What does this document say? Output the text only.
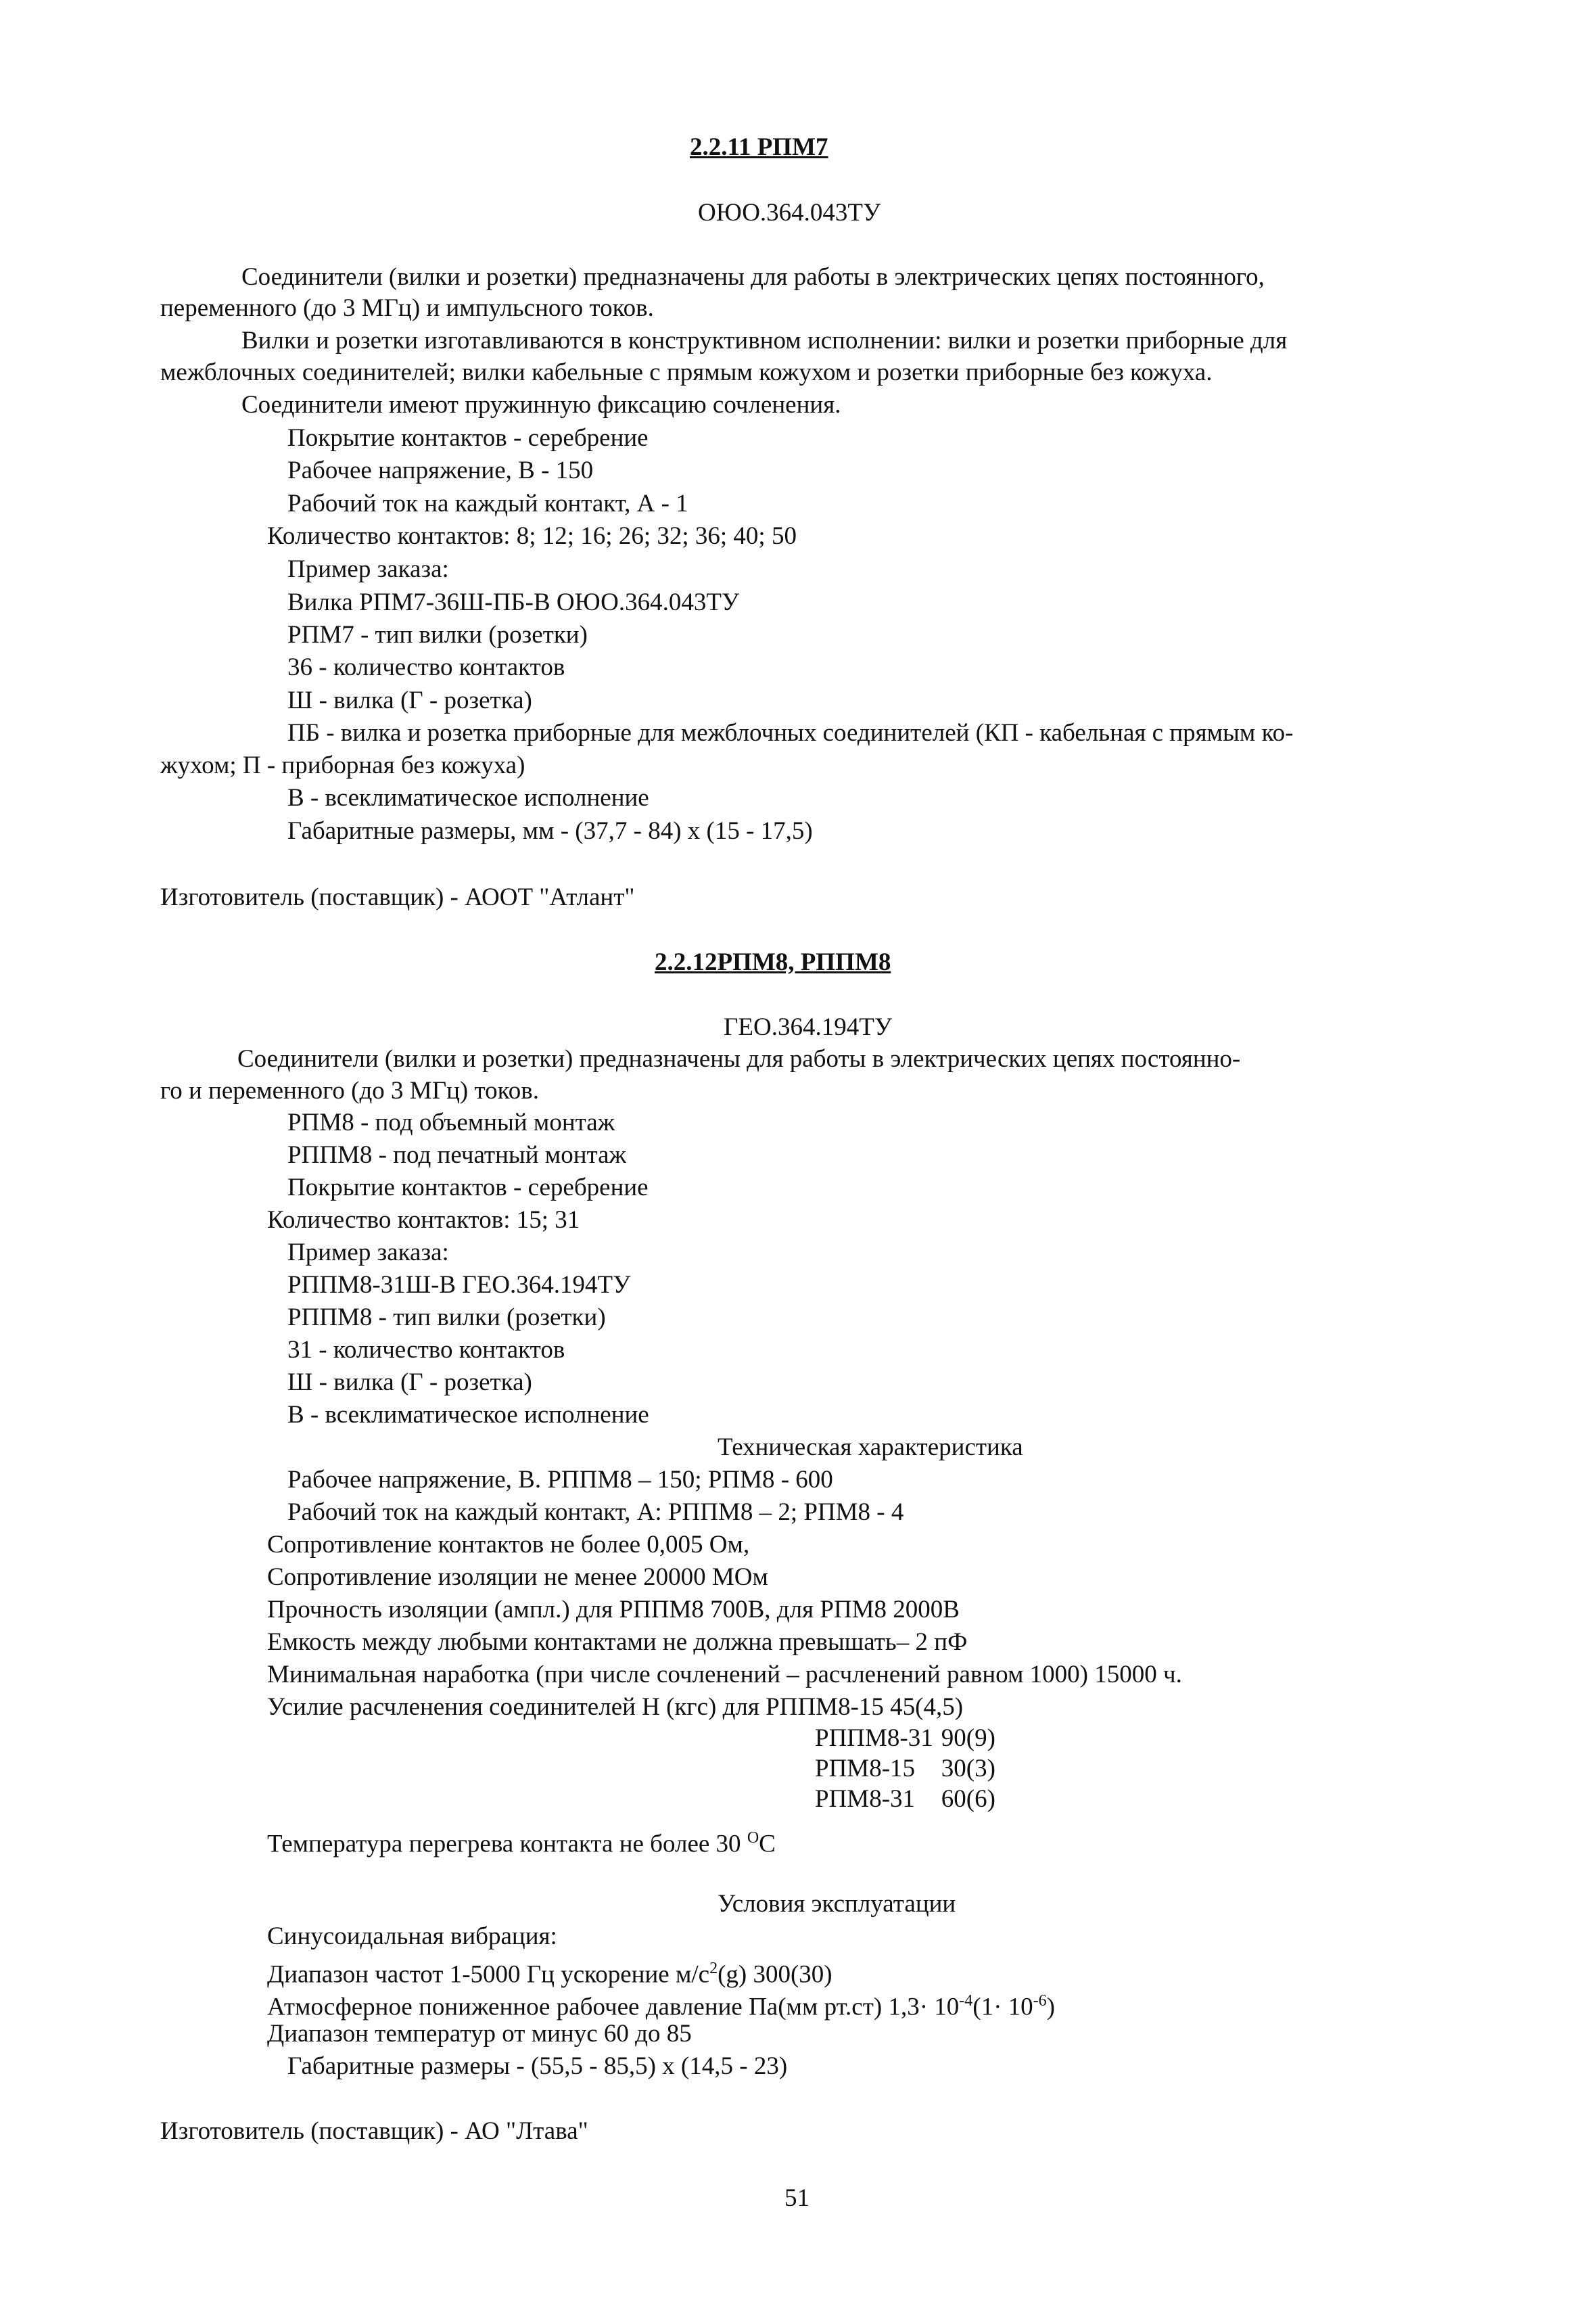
2.2.11 РПМ7
ОЮО.364.043ТУ
Соединители (вилки и розетки) предназначены для работы в электрических цепях постоянного,
переменного (до 3 МГц) и импульсного токов.
Вилки и розетки изготавливаются в конструктивном исполнении: вилки и розетки приборные для
межблочных соединителей; вилки кабельные с прямым кожухом и розетки приборные без кожуха.
Соединители имеют пружинную фиксацию сочленения.
Покрытие контактов - серебрение
Рабочее напряжение, В - 150
Рабочий ток на каждый контакт, А - 1
Количество контактов: 8; 12; 16; 26; 32; 36; 40; 50
Пример заказа:
Вилка РПМ7-36Ш-ПБ-В ОЮО.364.043ТУ
РПМ7 - тип вилки (розетки)
36 - количество контактов
Ш - вилка (Г - розетка)
ПБ - вилка и розетка приборные для межблочных соединителей (КП - кабельная с прямым ко-
жухом; П - приборная без кожуха)
В - всеклиматическое исполнение
Габаритные размеры, мм - (37,7 - 84) х (15 - 17,5)
Изготовитель (поставщик) - АООТ "Атлант"
2.2.12РПМ8, РППМ8
ГЕО.364.194ТУ
Соединители (вилки и розетки) предназначены для работы в электрических цепях постоянно-
го и переменного (до 3 МГц) токов.
РПМ8 - под объемный монтаж
РППМ8 - под печатный монтаж
Покрытие контактов - серебрение
Количество контактов: 15; 31
Пример заказа:
РППМ8-31Ш-В ГЕО.364.194ТУ
РППМ8 - тип вилки (розетки)
31 - количество контактов
Ш - вилка (Г - розетка)
В - всеклиматическое исполнение
Техническая характеристика
Рабочее напряжение, В. РППМ8 – 150; РПМ8 - 600
Рабочий ток на каждый контакт, А: РППМ8 – 2; РПМ8 - 4
Сопротивление контактов не более 0,005 Ом,
Сопротивление изоляции не менее 20000 МОм
Прочность изоляции (ампл.) для РППМ8 700В, для РПМ8 2000В
Емкость между любыми контактами не должна превышать– 2 пФ
Минимальная наработка (при числе сочленений – расчленений равном 1000) 15000 ч.
Усилие расчленения соединителей Н (кгс) для РППМ8-15 45(4,5)
РППМ8-31	90(9)
РПМ8-15	30(3)
РПМ8-31	60(6)
Температура перегрева контакта не более 30 $^О$С
Условия эксплуатации
Синусоидальная вибрация:
Диапазон частот 1-5000 Гц ускорение $м/с^2(g)$ 300(30)
Атмосферное пониженное рабочее давление Па(мм рт.ст) $1,3\cdot 10^{-4}(1\cdot 10^{-6})$
Диапазон температур от минус 60 до 85
Габаритные размеры - (55,5 - 85,5) х (14,5 - 23)
Изготовитель (поставщик) - АО "Лтава"
51
